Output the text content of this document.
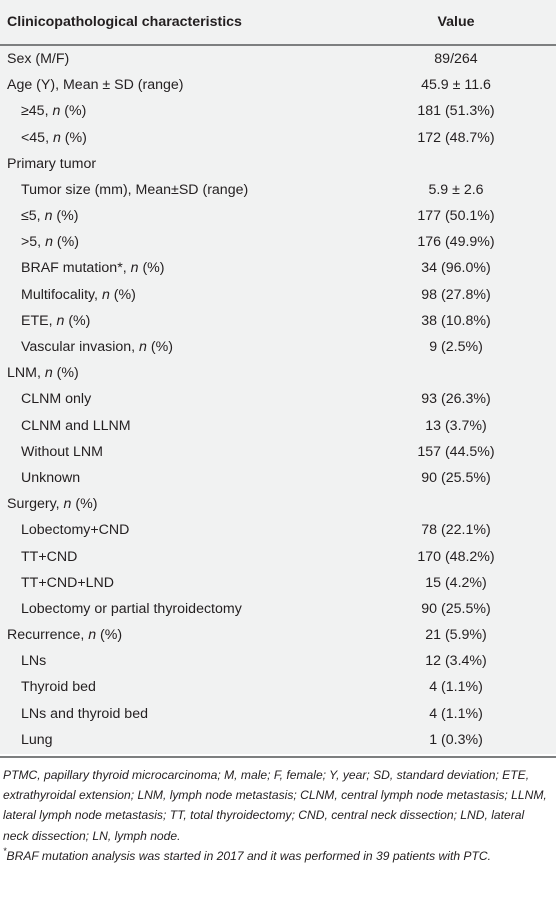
Clinicopathological characteristics	Value
Sex (M/F)	89/264
Age (Y), Mean ± SD (range)	45.9 ± 11.6
≥45, n (%)	181 (51.3%)
<45, n (%)	172 (48.7%)
Primary tumor	
Tumor size (mm), Mean±SD (range)	5.9 ± 2.6
≤5, n (%)	177 (50.1%)
>5, n (%)	176 (49.9%)
BRAF mutation*, n (%)	34 (96.0%)
Multifocality, n (%)	98 (27.8%)
ETE, n (%)	38 (10.8%)
Vascular invasion, n (%)	9 (2.5%)
LNM, n (%)	
CLNM only	93 (26.3%)
CLNM and LLNM	13 (3.7%)
Without LNM	157 (44.5%)
Unknown	90 (25.5%)
Surgery, n (%)	
Lobectomy+CND	78 (22.1%)
TT+CND	170 (48.2%)
TT+CND+LND	15 (4.2%)
Lobectomy or partial thyroidectomy	90 (25.5%)
Recurrence, n (%)	21 (5.9%)
LNs	12 (3.4%)
Thyroid bed	4 (1.1%)
LNs and thyroid bed	4 (1.1%)
Lung	1 (0.3%)
PTMC, papillary thyroid microcarcinoma; M, male; F, female; Y, year; SD, standard deviation; ETE, extrathyroidal extension; LNM, lymph node metastasis; CLNM, central lymph node metastasis; LLNM, lateral lymph node metastasis; TT, total thyroidectomy; CND, central neck dissection; LND, lateral neck dissection; LN, lymph node.
*BRAF mutation analysis was started in 2017 and it was performed in 39 patients with PTC.
